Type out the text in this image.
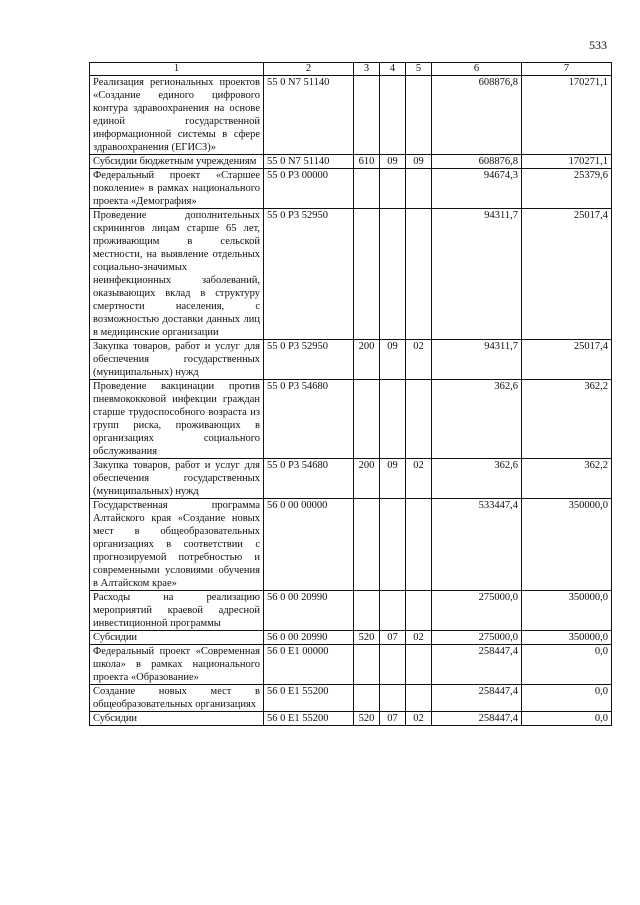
533
1	2	3	4	5	6	7
Реализация региональных проектов «Создание единого цифрового контура здравоохранения на основе единой государственной информационной системы в сфере здравоохранения (ЕГИСЗ)»	55 0 N7 51140				608876,8	170271,1
Субсидии бюджетным учреждениям	55 0 N7 51140	610	09	09	608876,8	170271,1
Федеральный проект «Старшее поколение» в рамках национального проекта «Демография»	55 0 P3 00000				94674,3	25379,6
Проведение дополнительных скринингов лицам старше 65 лет, проживающим в сельской местности, на выявление отдельных социально-значимых неинфекционных заболеваний, оказывающих вклад в структуру смертности населения, с возможностью доставки данных лиц в медицинские организации	55 0 P3 52950				94311,7	25017,4
Закупка товаров, работ и услуг для обеспечения государственных (муниципальных) нужд	55 0 P3 52950	200	09	02	94311,7	25017,4
Проведение вакцинации против пневмококковой инфекции граждан старше трудоспособного возраста из групп риска, проживающих в организациях социального обслуживания	55 0 P3 54680				362,6	362,2
Закупка товаров, работ и услуг для обеспечения государственных (муниципальных) нужд	55 0 P3 54680	200	09	02	362,6	362,2
Государственная программа Алтайского края «Создание новых мест в общеобразовательных организациях в соответствии с прогнозируемой потребностью и современными условиями обучения в Алтайском крае»	56 0 00 00000				533447,4	350000,0
Расходы на реализацию мероприятий краевой адресной инвестиционной программы	56 0 00 20990				275000,0	350000,0
Субсидии	56 0 00 20990	520	07	02	275000,0	350000,0
Федеральный проект «Современная школа» в рамках национального проекта «Образование»	56 0 E1 00000				258447,4	0,0
Создание новых мест в общеобразовательных организациях	56 0 E1 55200				258447,4	0,0
Субсидии	56 0 E1 55200	520	07	02	258447,4	0,0
